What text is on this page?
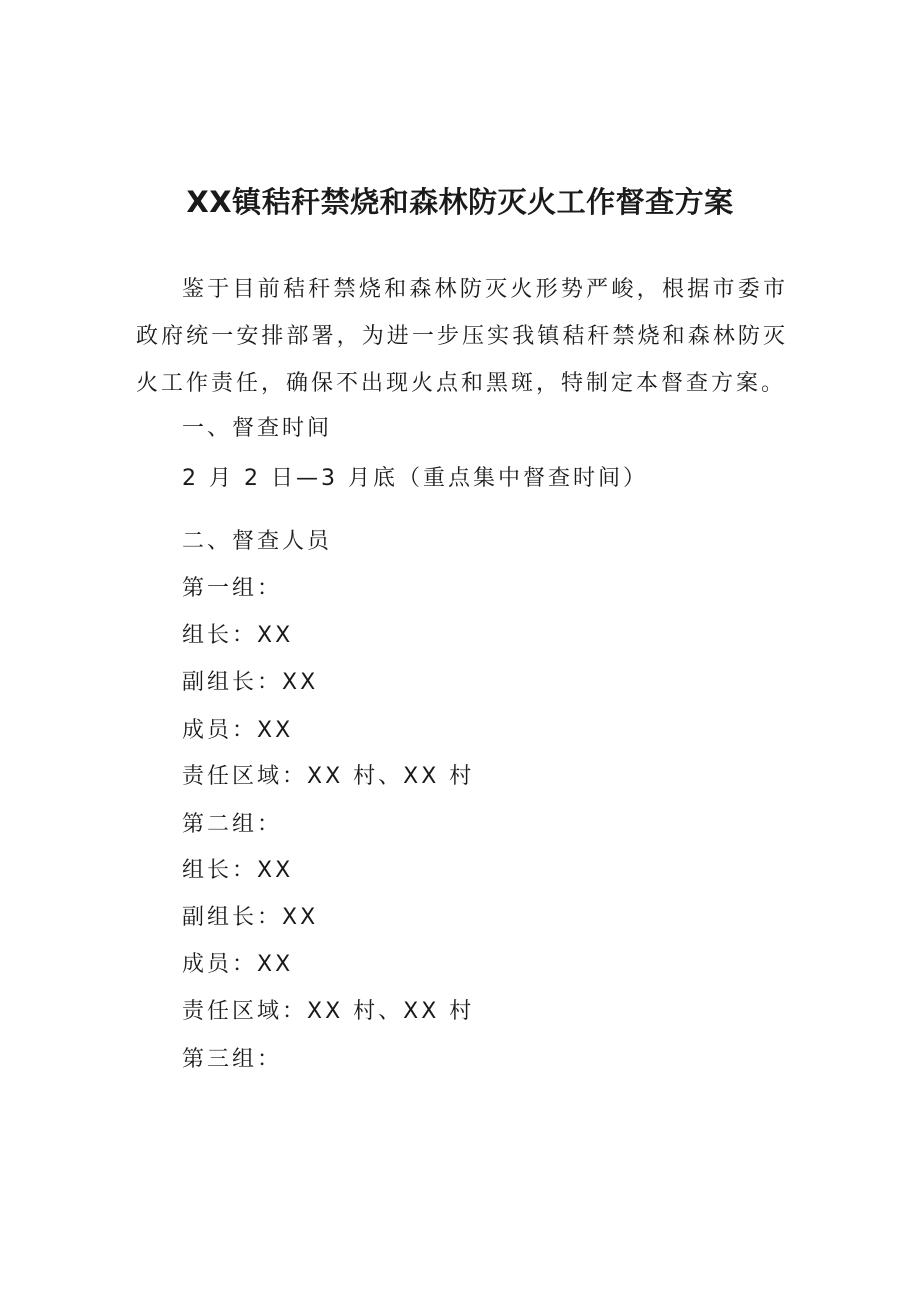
XX镇秸秆禁烧和森林防灭火工作督查方案
鉴于目前秸秆禁烧和森林防灭火形势严峻，根据市委市政府统一安排部署，为进一步压实我镇秸秆禁烧和森林防灭火工作责任，确保不出现火点和黑斑，特制定本督查方案。
一、督查时间
2 月 2 日—3 月底（重点集中督查时间）
二、督查人员
第一组：
组长：XX
副组长：XX
成员：XX
责任区域：XX 村、XX 村
第二组：
组长：XX
副组长：XX
成员：XX
责任区域：XX 村、XX 村
第三组：
